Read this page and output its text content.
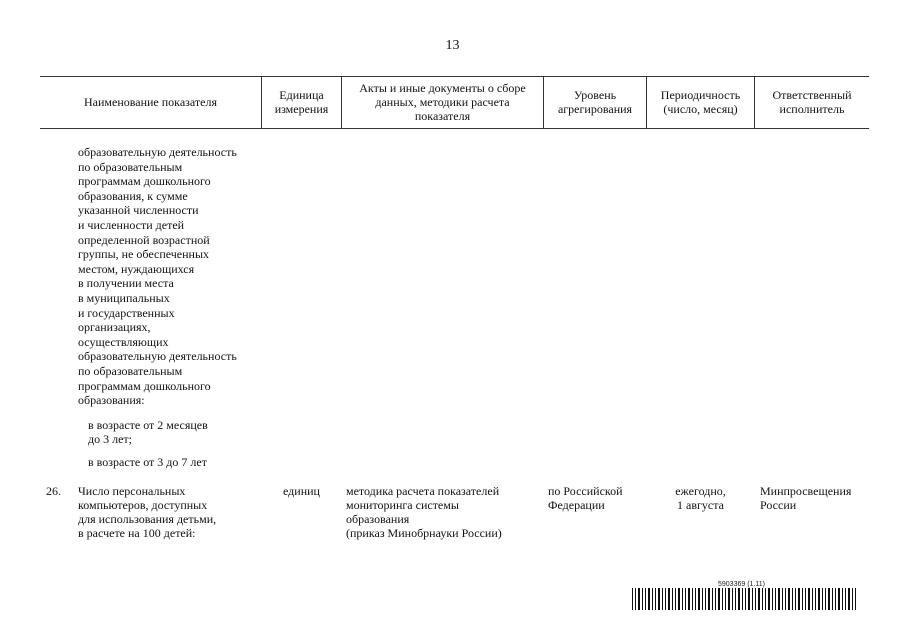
13
Наименование показателя	Единица
измерения
Акты и иные документы о сборе
данных, методики расчета
показателя
Уровень
агрегирования
Периодичность
(число, месяц)
Ответственный
исполнитель
образовательную деятельность
по образовательным
программам дошкольного
образования, к сумме
указанной численности
и численности детей
определенной возрастной
группы, не обеспеченных
местом, нуждающихся
в получении места
в муниципальных
и государственных
организациях,
осуществляющих
образовательную деятельность
по образовательным
программам дошкольного
образования:
в возрасте от 2 месяцев
до 3 лет;
в возрасте от 3 до 7 лет
26. Число персональных
компьютеров, доступных
для использования детьми,
в расчете на 100 детей:
единиц методика расчета показателей
мониторинга системы
образования
(приказ Минобрнауки России)
по Российской
Федерации
ежегодно,
1 августа
Минпросвещения
России
5903369 (1.11)
